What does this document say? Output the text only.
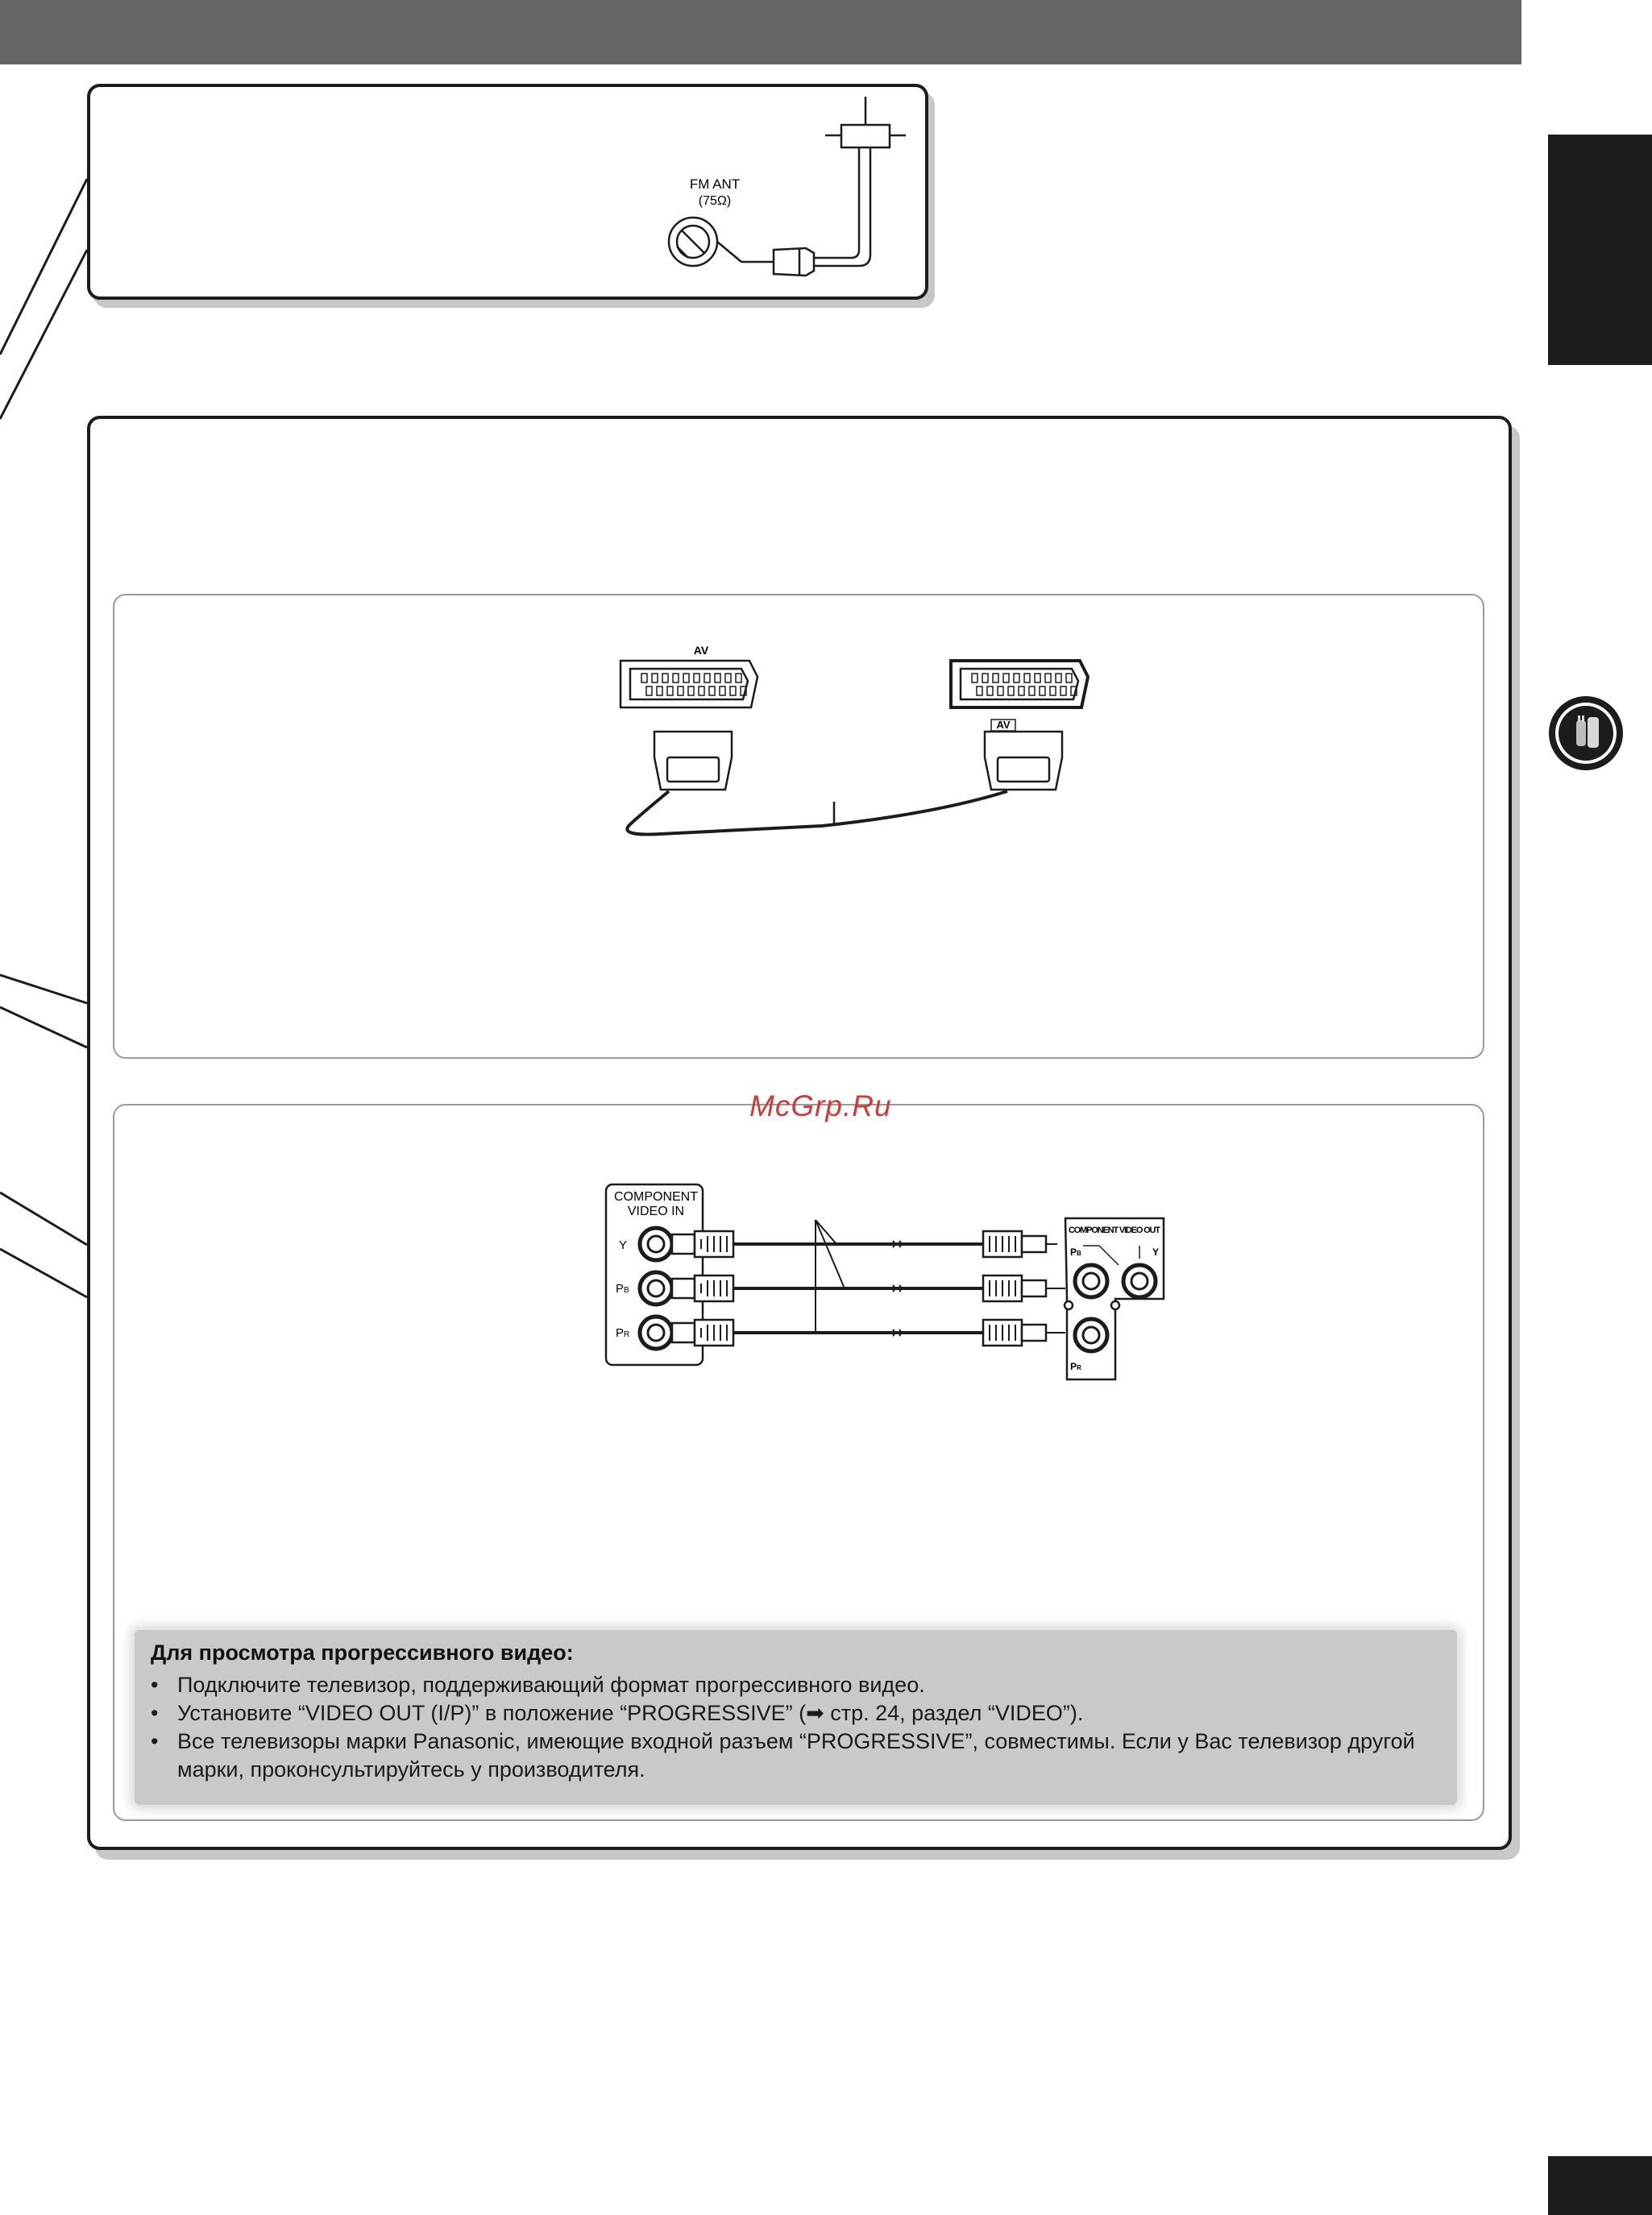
FM ANT
(75Ω)
AV
AV
COMPONENT
VIDEO IN
Y
PB
PR
COMPONENT VIDEO OUT
PB	Y
PR
McGrp.Ru
Для просмотра прогрессивного видео:
• Подключите телевизор, поддерживающий формат прогрессивного видео.
• Установите “VIDEO OUT (I/P)” в положение “PROGRESSIVE” (➡ стр. 24, раздел “VIDEO”).
• Все телевизоры марки Panasonic, имеющие входной разъем “PROGRESSIVE”, совместимы. Если у Вас телевизор другой марки, проконсультируйтесь у производителя.
